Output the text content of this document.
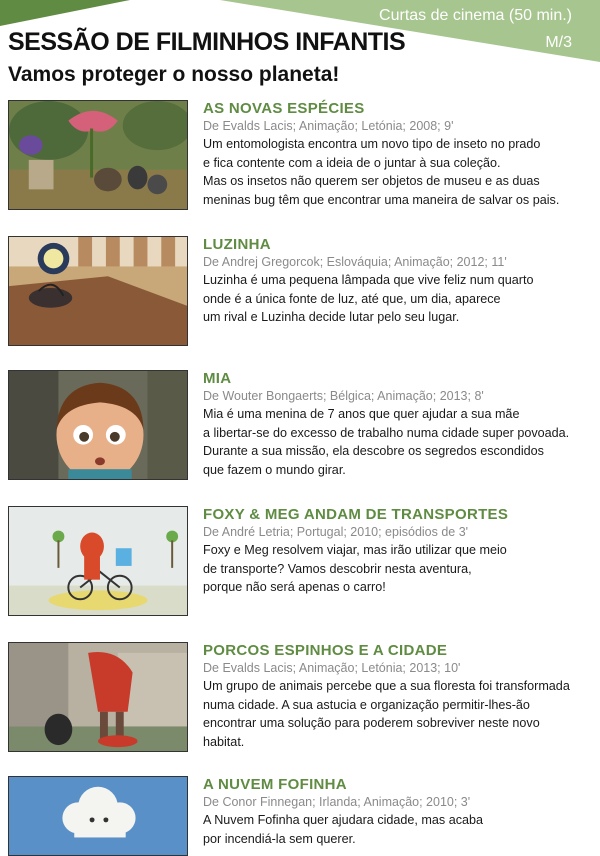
Curtas de cinema (50 min.)
M/3
SESSÃO DE FILMINHOS INFANTIS
Vamos proteger o nosso planeta!
AS NOVAS ESPÉCIES
De Evalds Lacis; Animação; Letónia; 2008; 9'
Um entomologista encontra um novo tipo de inseto no prado
e fica contente com a ideia de o juntar à sua coleção.
Mas os insetos não querem ser objetos de museu e as duas
meninas bug têm que encontrar uma maneira de salvar os pais.
LUZINHA
De Andrej Gregorcok; Eslováquia; Animação; 2012; 11'
Luzinha é uma pequena lâmpada que vive feliz num quarto
onde é a única fonte de luz, até que, um dia, aparece
um rival e Luzinha decide lutar pelo seu lugar.
MIA
De Wouter Bongaerts; Bélgica; Animação; 2013; 8'
Mia é uma menina de 7 anos que quer ajudar a sua mãe
a libertar-se do excesso de trabalho numa cidade super povoada.
Durante a sua missão, ela descobre os segredos escondidos
que fazem o mundo girar.
FOXY & MEG ANDAM DE TRANSPORTES
De André Letria; Portugal; 2010; episódios de 3'
Foxy e Meg resolvem viajar, mas irão utilizar que meio
de transporte? Vamos descobrir nesta aventura,
porque não será apenas o carro!
PORCOS ESPINHOS E A CIDADE
De Evalds Lacis; Animação; Letónia; 2013; 10'
Um grupo de animais percebe que a sua floresta foi transformada
numa cidade. A sua astucia e organização permitir-lhes-ão
encontrar uma solução para poderem sobreviver neste novo
habitat.
A NUVEM FOFINHA
De Conor Finnegan; Irlanda; Animação; 2010; 3'
A Nuvem Fofinha quer ajudara cidade, mas acaba
por incendiá-la sem querer.
